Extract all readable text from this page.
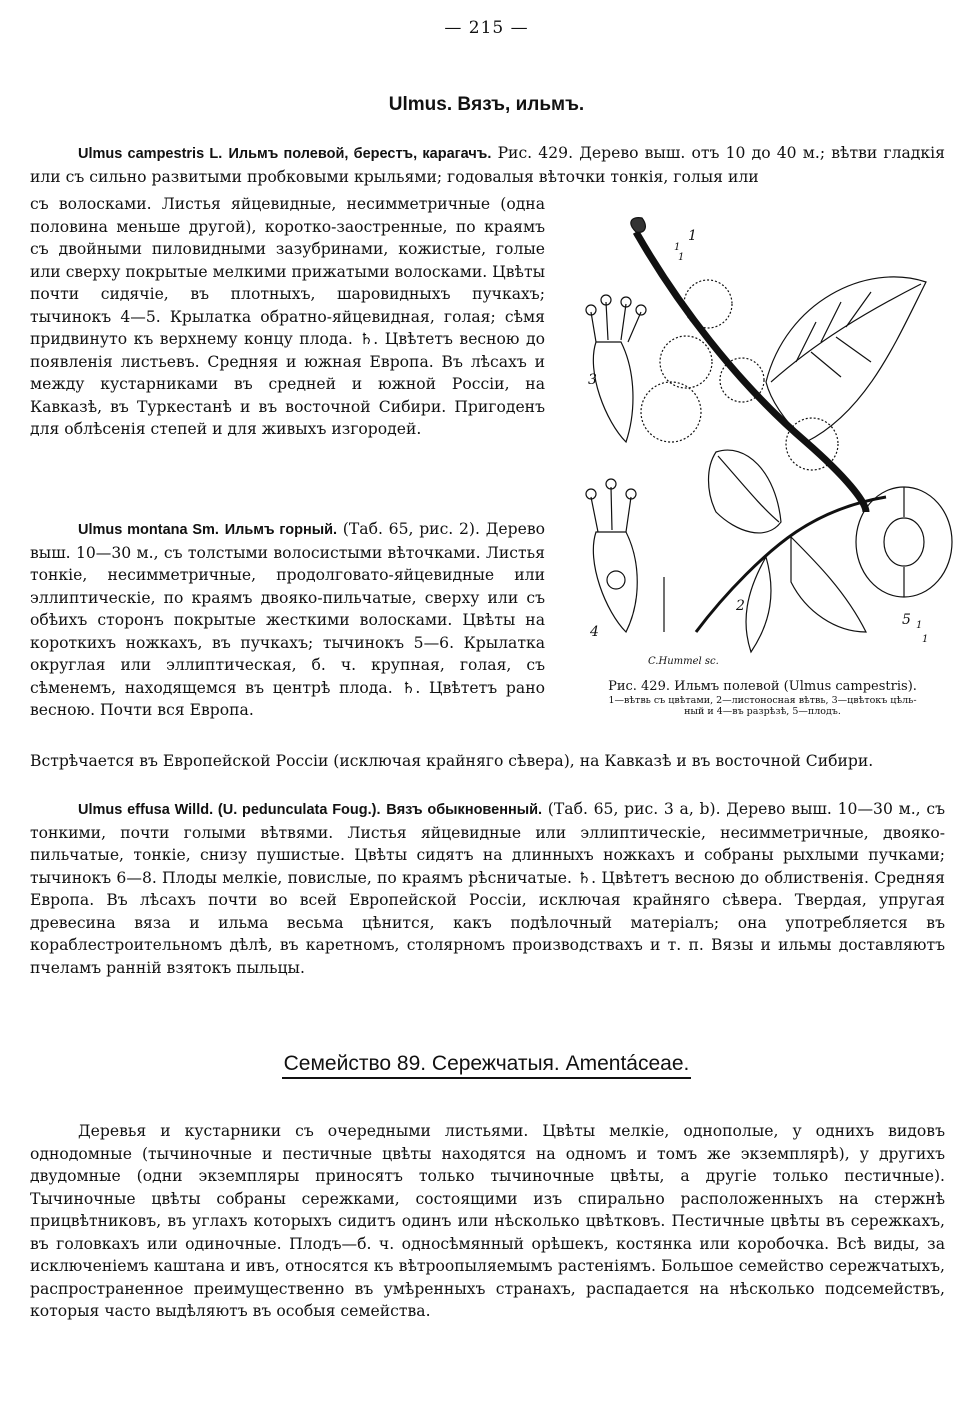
— 215 —
Ulmus. Вязъ, ильмъ.
Ulmus campestris L. Ильмъ полевой, берестъ, карагачъ. Рис. 429. Дерево выш. отъ 10 до 40 м.; вѣтви гладкія или съ сильно развитыми пробковыми крыльями; годовалыя вѣточки тонкія, голыя или
съ волосками. Листья яйцевидные, несимметричные (одна половина меньше другой), коротко-заостренные, по краямъ съ двойными пиловидными зазубринами, кожистые, голые или сверху покрытые мелкими прижатыми волосками. Цвѣты почти сидячіе, въ плотныхъ, шаровидныхъ пучкахъ; тычинокъ 4—5. Крылатка обратно-яйцевидная, голая; сѣмя придвинуто къ верхнему концу плода. ♄. Цвѣтетъ весною до появленія листьевъ. Средняя и южная Европа. Въ лѣсахъ и между кустарниками въ средней и южной Россіи, на Кавказѣ, въ Туркестанѣ и въ восточной Сибири. Пригоденъ для облѣсенія степей и для живыхъ изгородей.
Ulmus montana Sm. Ильмъ горный. (Таб. 65, рис. 2). Дерево выш. 10—30 м., съ толстыми волосистыми вѣточками. Листья тонкіе, несимметричные, продолговато-яйцевидные или эллиптическіе, по краямъ двояко-пильчатые, сверху или съ обѣихъ сторонъ покрытые жесткими волосками. Цвѣты на короткихъ ножкахъ, въ пучкахъ; тычинокъ 5—6. Крылатка округлая или эллиптическая, б. ч. крупная, голая, съ сѣменемъ, находящемся въ центрѣ плода. ♄. Цвѣтетъ рано весною. Почти вся Европа.
Встрѣчается въ Европейской Россіи (исключая крайняго сѣвера), на Кавказѣ и въ восточной Сибири.
Ulmus effusa Willd. (U. pedunculata Foug.). Вязъ обыкновенный. (Таб. 65, рис. 3 a, b). Дерево выш. 10—30 м., съ тонкими, почти голыми вѣтвями. Листья яйцевидные или эллиптическіе, несимметричные, двояко-пильчатые, тонкіе, снизу пушистые. Цвѣты сидятъ на длинныхъ ножкахъ и собраны рыхлыми пучками; тычинокъ 6—8. Плоды мелкіе, повислые, по краямъ рѣсничатые. ♄. Цвѣтетъ весною до облиственія. Средняя Европа. Въ лѣсахъ почти во всей Европейской Россіи, исключая крайняго сѣвера. Твердая, упругая древесина вяза и ильма весьма цѣнится, какъ подѣлочный матеріалъ; она употребляется въ кораблестроительномъ дѣлѣ, въ каретномъ, столярномъ производствахъ и т. п. Вязы и ильмы доставляютъ пчеламъ ранній взятокъ пыльцы.
1
1
1
2
3
4
5 1
1
C.Hummel sc.
Рис. 429. Ильмъ полевой (Ulmus campestris).
1—вѣтвь съ цвѣтами, 2—листоносная вѣтвь, 3—цвѣтокъ цѣль-
ный и 4—въ разрѣзѣ, 5—плодъ.
Семейство 89. Сережчатыя. Amentáceae.
Деревья и кустарники съ очередными листьями. Цвѣты мелкіе, однополые, у однихъ видовъ однодомные (тычиночные и пестичные цвѣты находятся на одномъ и томъ же экземплярѣ), у другихъ двудомные (одни экземпляры приносятъ только тычиночные цвѣты, а другіе только пестичные). Тычиночные цвѣты собраны сережками, состоящими изъ спирально расположенныхъ на стержнѣ прицвѣтниковъ, въ углахъ которыхъ сидитъ одинъ или нѣсколько цвѣтковъ. Пестичные цвѣты въ сережкахъ, въ головкахъ или одиночные. Плодъ—б. ч. односѣмянный орѣшекъ, костянка или коробочка. Всѣ виды, за исключеніемъ каштана и ивъ, относятся къ вѣтроопыляемымъ растеніямъ. Большое семейство сережчатыхъ, распространенное преимущественно въ умѣренныхъ странахъ, распадается на нѣсколько подсемействъ, которыя часто выдѣляютъ въ особыя семейства.
